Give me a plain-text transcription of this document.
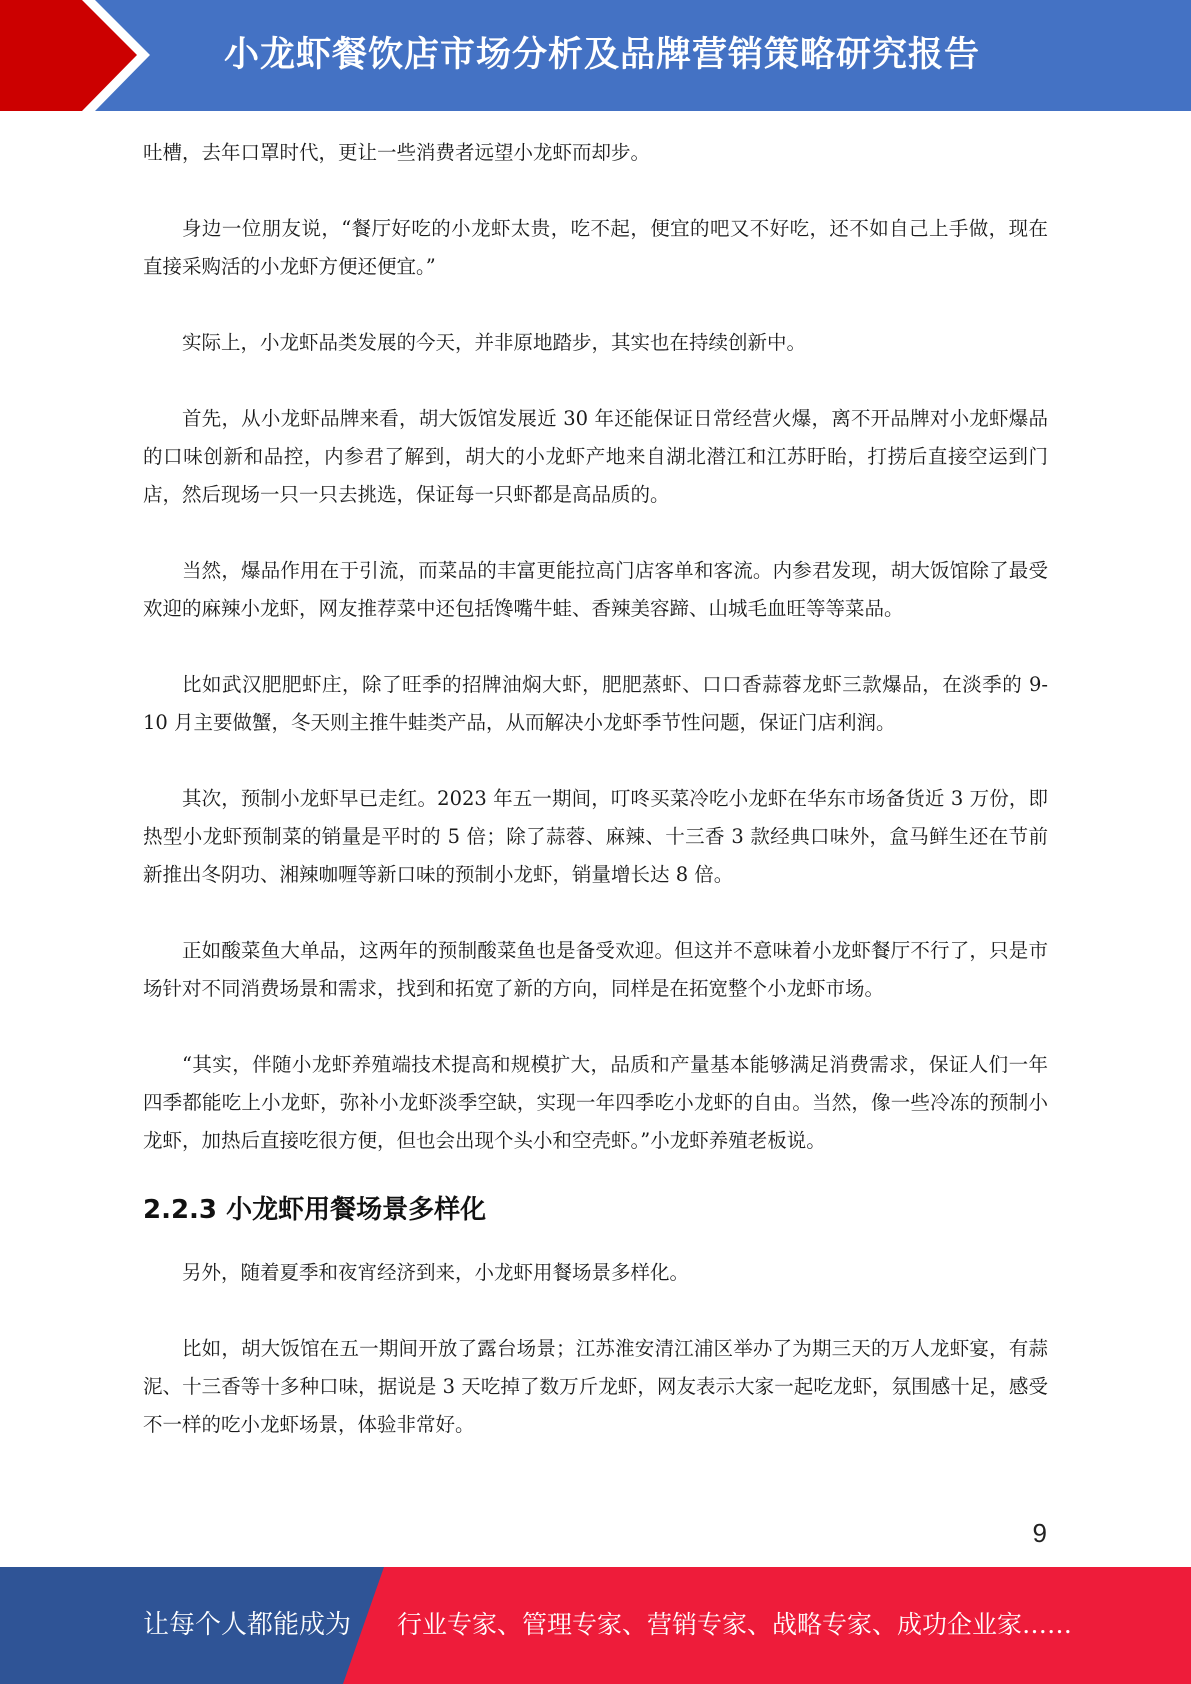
小龙虾餐饮店市场分析及品牌营销策略研究报告

吐槽，去年口罩时代，更让一些消费者远望小龙虾而却步。

身边一位朋友说，“餐厅好吃的小龙虾太贵，吃不起，便宜的吧又不好吃，还不如自己上手做，现在直接采购活的小龙虾方便还便宜。”

实际上，小龙虾品类发展的今天，并非原地踏步，其实也在持续创新中。

首先，从小龙虾品牌来看，胡大饭馆发展近 30 年还能保证日常经营火爆，离不开品牌对小龙虾爆品的口味创新和品控，内参君了解到，胡大的小龙虾产地来自湖北潜江和江苏盱眙，打捞后直接空运到门店，然后现场一只一只去挑选，保证每一只虾都是高品质的。

当然，爆品作用在于引流，而菜品的丰富更能拉高门店客单和客流。内参君发现，胡大饭馆除了最受欢迎的麻辣小龙虾，网友推荐菜中还包括馋嘴牛蛙、香辣美容蹄、山城毛血旺等等菜品。

比如武汉肥肥虾庄，除了旺季的招牌油焖大虾，肥肥蒸虾、口口香蒜蓉龙虾三款爆品，在淡季的 9-10 月主要做蟹，冬天则主推牛蛙类产品，从而解决小龙虾季节性问题，保证门店利润。

其次，预制小龙虾早已走红。2023 年五一期间，叮咚买菜冷吃小龙虾在华东市场备货近 3 万份，即热型小龙虾预制菜的销量是平时的 5 倍；除了蒜蓉、麻辣、十三香 3 款经典口味外，盒马鲜生还在节前新推出冬阴功、湘辣咖喱等新口味的预制小龙虾，销量增长达 8 倍。

正如酸菜鱼大单品，这两年的预制酸菜鱼也是备受欢迎。但这并不意味着小龙虾餐厅不行了，只是市场针对不同消费场景和需求，找到和拓宽了新的方向，同样是在拓宽整个小龙虾市场。

“其实，伴随小龙虾养殖端技术提高和规模扩大，品质和产量基本能够满足消费需求，保证人们一年四季都能吃上小龙虾，弥补小龙虾淡季空缺，实现一年四季吃小龙虾的自由。当然，像一些冷冻的预制小龙虾，加热后直接吃很方便，但也会出现个头小和空壳虾。”小龙虾养殖老板说。

2.2.3 小龙虾用餐场景多样化

另外，随着夏季和夜宵经济到来，小龙虾用餐场景多样化。

比如，胡大饭馆在五一期间开放了露台场景；江苏淮安清江浦区举办了为期三天的万人龙虾宴，有蒜泥、十三香等十多种口味，据说是 3 天吃掉了数万斤龙虾，网友表示大家一起吃龙虾，氛围感十足，感受不一样的吃小龙虾场景，体验非常好。

9
让每个人都能成为 行业专家、管理专家、营销专家、战略专家、成功企业家……
